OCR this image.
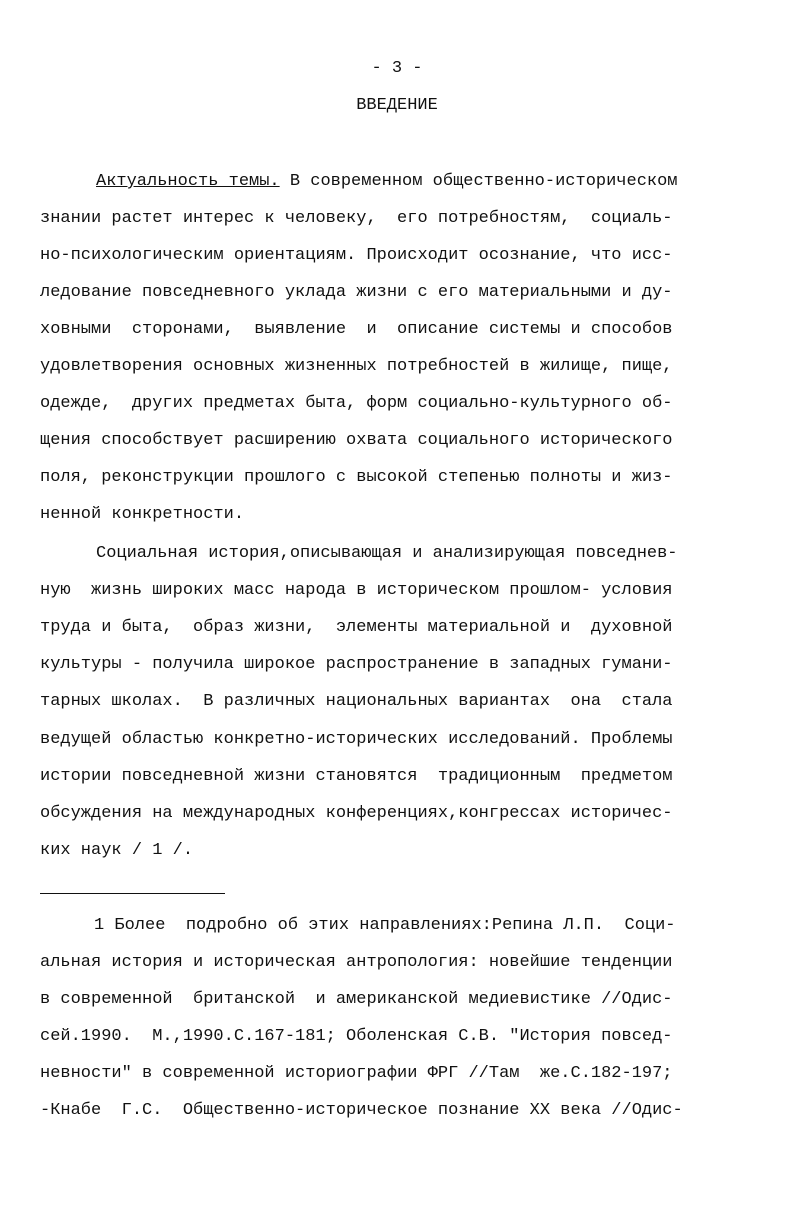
- 3 -

ВВЕДЕНИЕ

Актуальность темы. В современном общественно-историческом

знании растет интерес к человеку,  его потребностям,  социаль-

но-психологическим ориентациям. Происходит осознание, что исс-

ледование повседневного уклада жизни с его материальными и ду-

ховными  сторонами,  выявление  и  описание системы и способов

удовлетворения основных жизненных потребностей в жилище, пище,

одежде,  других предметах быта, форм социально-культурного об-

щения способствует расширению охвата социального исторического

поля, реконструкции прошлого с высокой степенью полноты и жиз-

ненной конкретности.

Социальная история,описывающая и анализирующая повседнев-

ную  жизнь широких масс народа в историческом прошлом- условия

труда и быта,  образ жизни,  элементы материальной и  духовной

культуры - получила широкое распространение в западных гумани-

тарных школах.  В различных национальных вариантах  она  стала

ведущей областью конкретно-исторических исследований. Проблемы

истории повседневной жизни становятся  традиционным  предметом

обсуждения на международных конференциях,конгрессах историчес-

ких наук / 1 /.

1 Более  подробно об этих направлениях:Репина Л.П.  Соци-

альная история и историческая антропология: новейшие тенденции

в современной  британской  и американской медиевистике //Одис-

сей.1990.  М.,1990.С.167-181; Оболенская С.В. "История повсед-

невности" в современной историографии ФРГ //Там  же.С.182-197;

-Кнабе  Г.С.  Общественно-историческое познание XX века //Одис-
